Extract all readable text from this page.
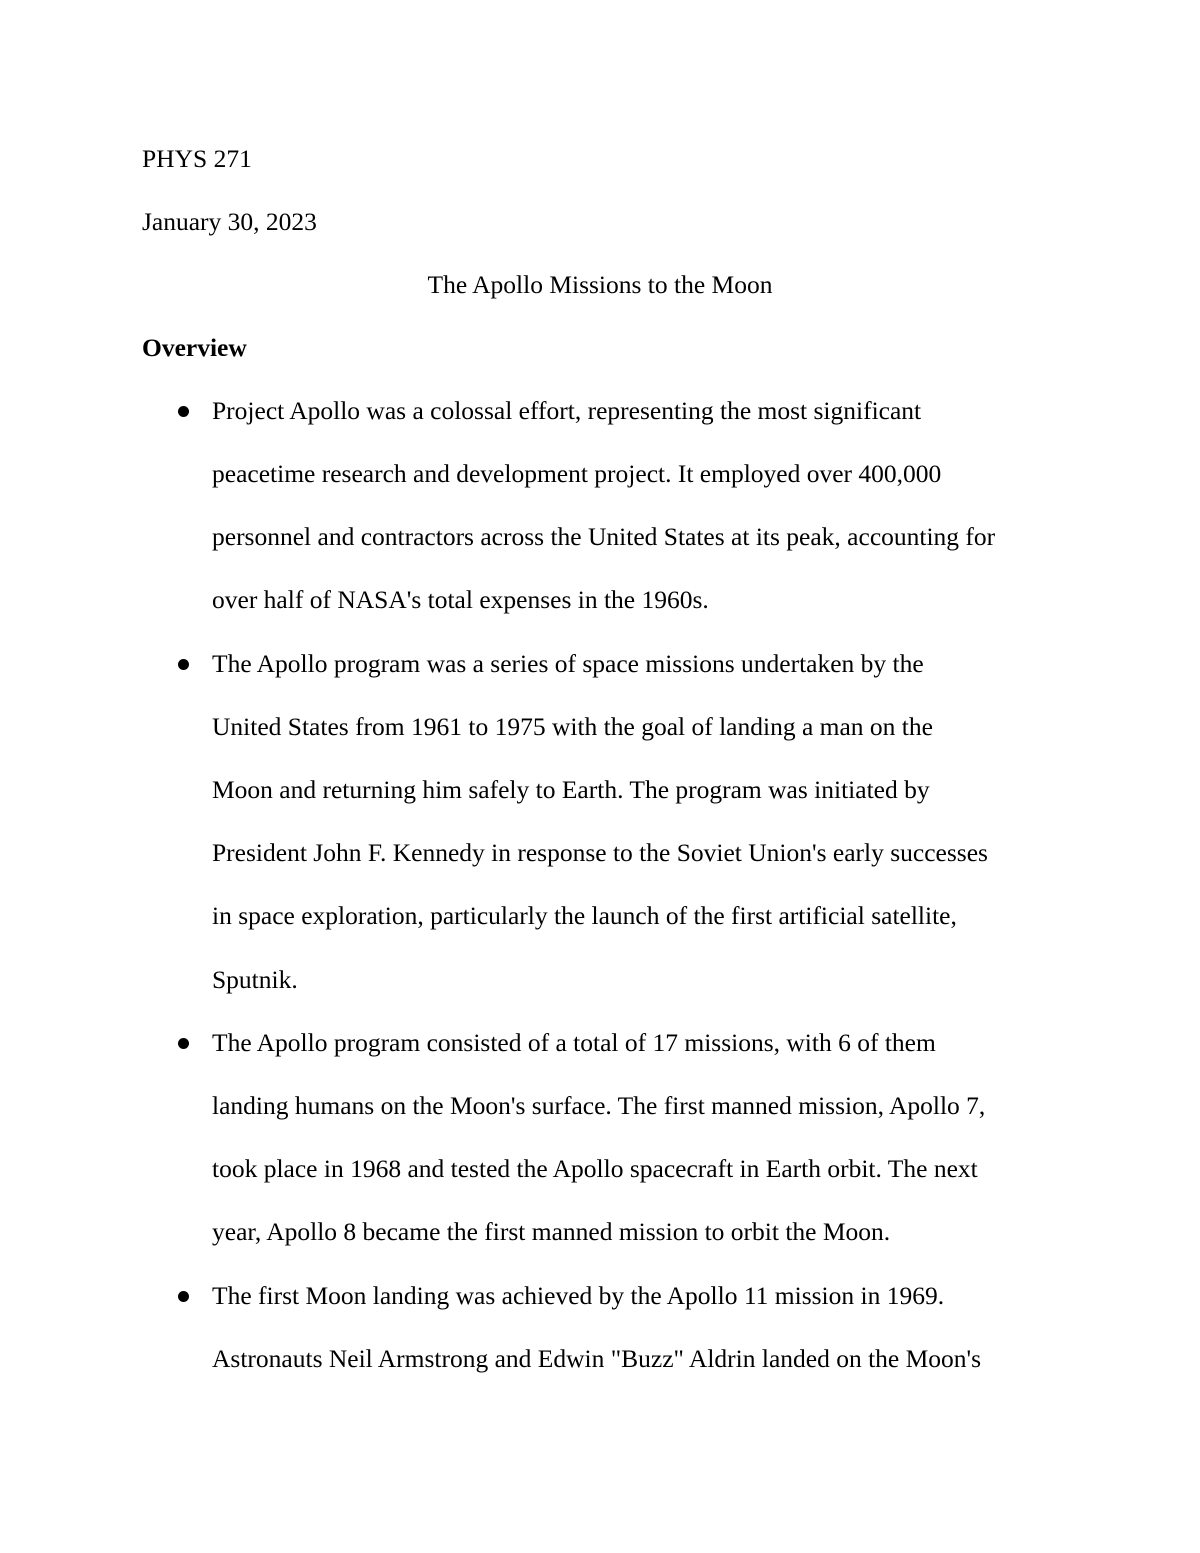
PHYS 271
January 30, 2023
The Apollo Missions to the Moon
Overview
Project Apollo was a colossal effort, representing the most significant
peacetime research and development project. It employed over 400,000
personnel and contractors across the United States at its peak, accounting for
over half of NASA's total expenses in the 1960s.
The Apollo program was a series of space missions undertaken by the
United States from 1961 to 1975 with the goal of landing a man on the
Moon and returning him safely to Earth. The program was initiated by
President John F. Kennedy in response to the Soviet Union's early successes
in space exploration, particularly the launch of the first artificial satellite,
Sputnik.
The Apollo program consisted of a total of 17 missions, with 6 of them
landing humans on the Moon's surface. The first manned mission, Apollo 7,
took place in 1968 and tested the Apollo spacecraft in Earth orbit. The next
year, Apollo 8 became the first manned mission to orbit the Moon.
The first Moon landing was achieved by the Apollo 11 mission in 1969.
Astronauts Neil Armstrong and Edwin "Buzz" Aldrin landed on the Moon's
